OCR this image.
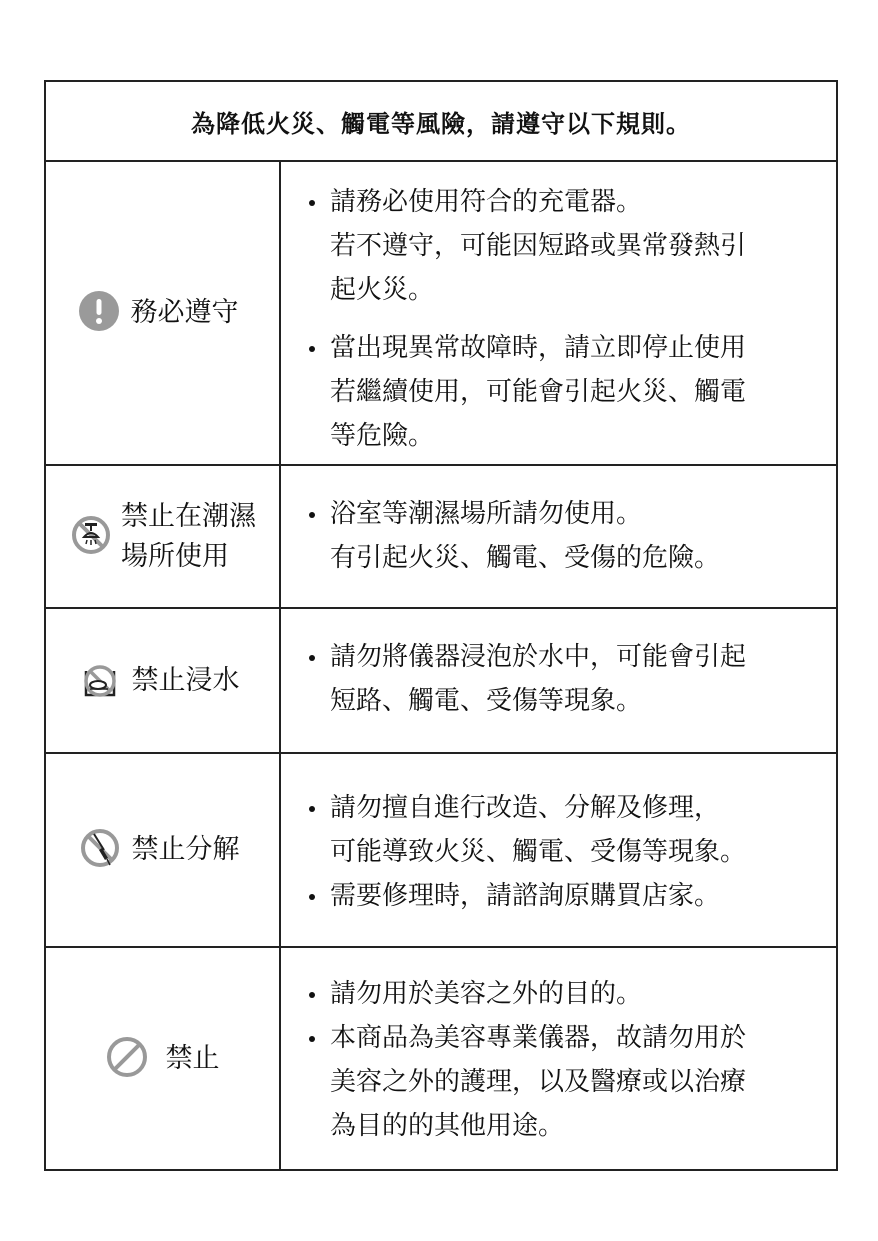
為降低火災、觸電等風險，請遵守以下規則。
務必遵守
請務必使用符合的充電器。
若不遵守，可能因短路或異常發熱引
起火災。
當出現異常故障時，請立即停止使用
若繼續使用，可能會引起火災、觸電
等危險。
禁止在潮濕
場所使用
浴室等潮濕場所請勿使用。
有引起火災、觸電、受傷的危險。
禁止浸水
請勿將儀器浸泡於水中，可能會引起
短路、觸電、受傷等現象。
禁止分解
請勿擅自進行改造、分解及修理，
可能導致火災、觸電、受傷等現象。
需要修理時，請諮詢原購買店家。
禁止
請勿用於美容之外的目的。
本商品為美容專業儀器，故請勿用於
美容之外的護理，以及醫療或以治療
為目的的其他用途。
